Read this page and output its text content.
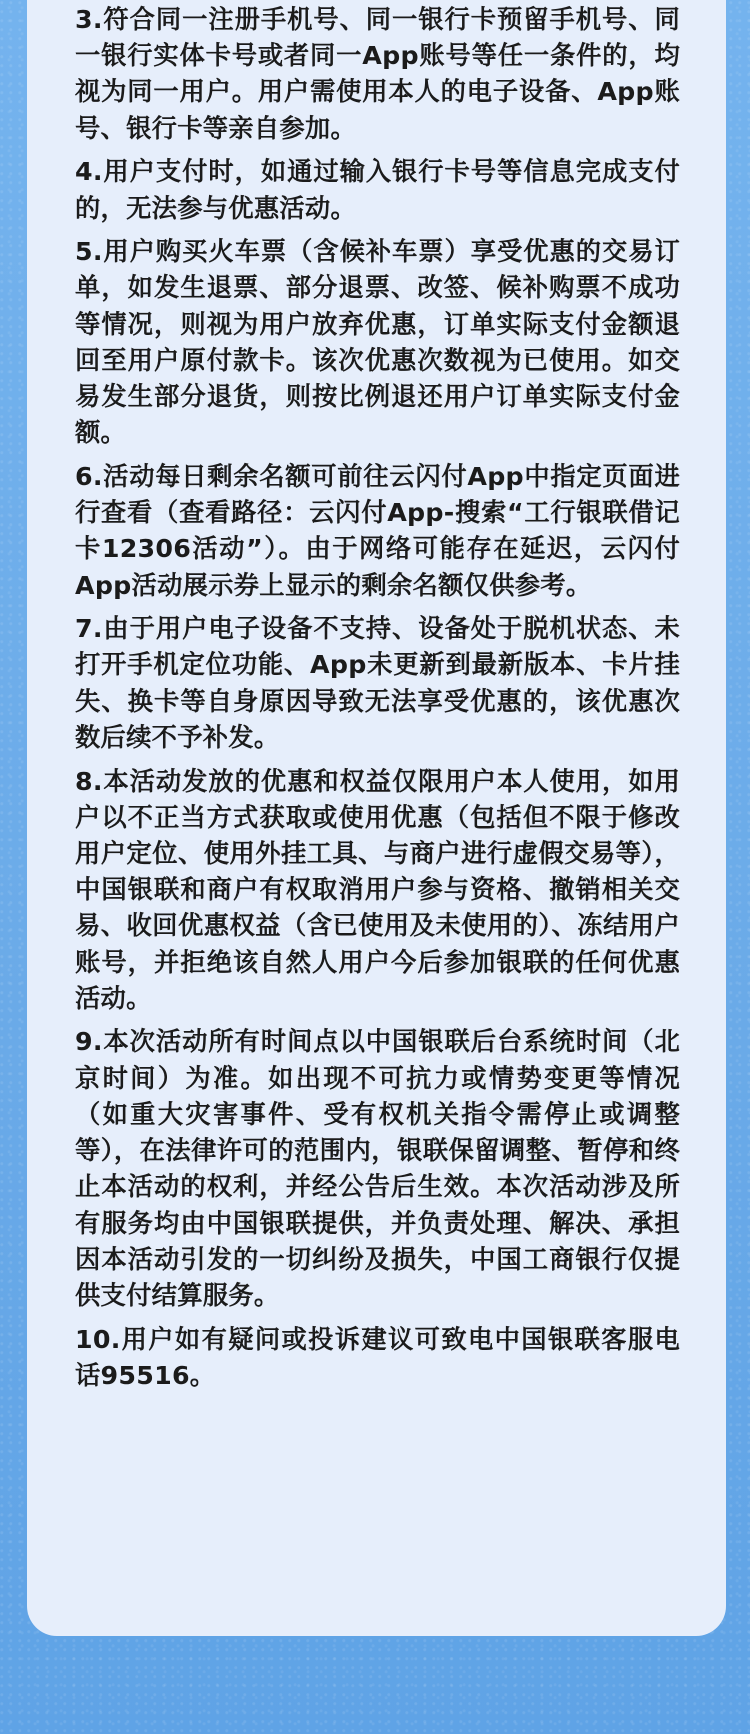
3.符合同一注册手机号、同一银行卡预留手机号、同一银行实体卡号或者同一App账号等任一条件的，均视为同一用户。用户需使用本人的电子设备、App账号、银行卡等亲自参加。

4.用户支付时，如通过输入银行卡号等信息完成支付的，无法参与优惠活动。

5.用户购买火车票（含候补车票）享受优惠的交易订单，如发生退票、部分退票、改签、候补购票不成功等情况，则视为用户放弃优惠，订单实际支付金额退回至用户原付款卡。该次优惠次数视为已使用。如交易发生部分退货，则按比例退还用户订单实际支付金额。

6.活动每日剩余名额可前往云闪付App中指定页面进行查看（查看路径：云闪付App-搜索“工行银联借记卡12306活动”）。由于网络可能存在延迟，云闪付App活动展示券上显示的剩余名额仅供参考。

7.由于用户电子设备不支持、设备处于脱机状态、未打开手机定位功能、App未更新到最新版本、卡片挂失、换卡等自身原因导致无法享受优惠的，该优惠次数后续不予补发。

8.本活动发放的优惠和权益仅限用户本人使用，如用户以不正当方式获取或使用优惠（包括但不限于修改用户定位、使用外挂工具、与商户进行虚假交易等），中国银联和商户有权取消用户参与资格、撤销相关交易、收回优惠权益（含已使用及未使用的）、冻结用户账号，并拒绝该自然人用户今后参加银联的任何优惠活动。

9.本次活动所有时间点以中国银联后台系统时间（北京时间）为准。如出现不可抗力或情势变更等情况（如重大灾害事件、受有权机关指令需停止或调整等），在法律许可的范围内，银联保留调整、暂停和终止本活动的权利，并经公告后生效。本次活动涉及所有服务均由中国银联提供，并负责处理、解决、承担因本活动引发的一切纠纷及损失，中国工商银行仅提供支付结算服务。

10.用户如有疑问或投诉建议可致电中国银联客服电话95516。
